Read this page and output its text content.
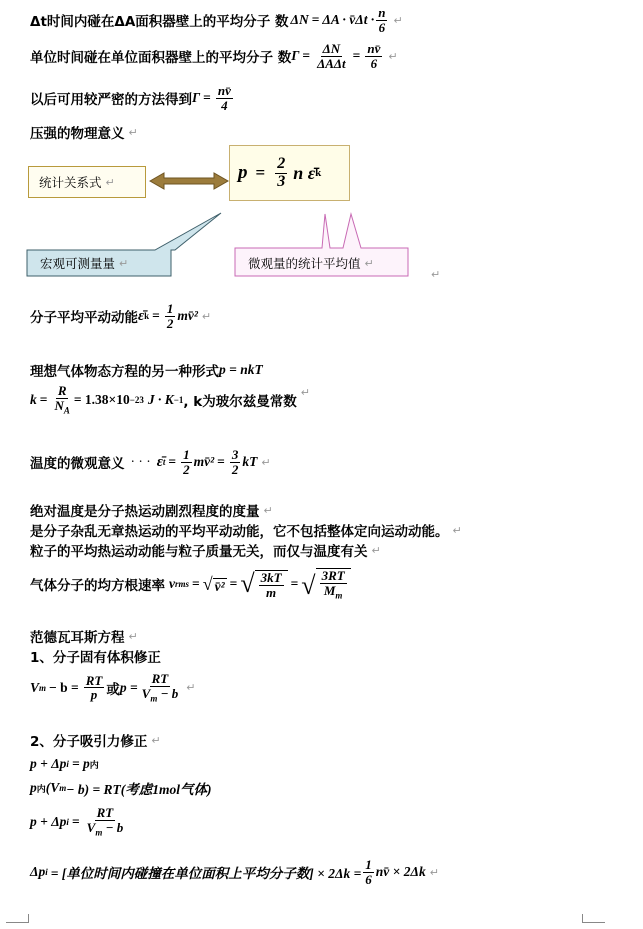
Δt时间内碰在ΔA面积器壁上的平均分子 数 ΔN = ΔA · v̄Δt · $\frac{n}{6}$ ↵
单位时间碰在单位面积器壁上的平均分子 数 $\Gamma = \frac{\Delta N}{\text{ΔAΔt}} = \frac{nv̄}{6}$ ↵
以后可用较严密的方法得到 $\Gamma = \frac{nv̄}{4}$
压强的物理意义 ↵
统计关系式 ↵	$p = \frac{2}{3}$ n ε̄ k
宏观可测量量 ↵	微观量的统计平均值 ↵
↵
分子平均平动动能 ε̄ $k = \frac{1}{2}$ mv̄² ↵
理想气体物态方程的另一种形式 p = nkT
$k = \frac{R}{N_A} = 1.38\times 10 -23$ J · K −1 , k为玻尔兹曼常数
↵
温度的微观意义 · · · ε̄ $t = \frac{1}{2}$ mv̄² = $\frac{3}{2}$ kT ↵
绝对温度是分子热运动剧烈程度的度量 ↵
是分子杂乱无章热运动的平均平动动能，它不包括整体定向运动动能。 ↵
粒子的平均热运动动能与粒子质量无关，而仅与温度有关 ↵
气体分子的均方根速率 v rms = √ v̄² = √ $\frac{3kT}{m}$ = √ $\frac{3RT}{M_m}$
范德瓦耳斯方程 ↵
1、分子固有体积修正
V $m - b = \frac{RT}{p}$ 或 $p = \frac{RT}{V_m - b}$ ↵
2、分子吸引力修正 ↵
p + Δp i = p 内
p 内 (V m − b) = RT(考虑1mol气体)
p + Δp $i = \frac{RT}{V_m - b}$
Δp i = [单位时间内碰撞在单位面积上平均分子数] × $2\Delta k = \frac{1}{6}$ nv̄ × 2Δk ↵
